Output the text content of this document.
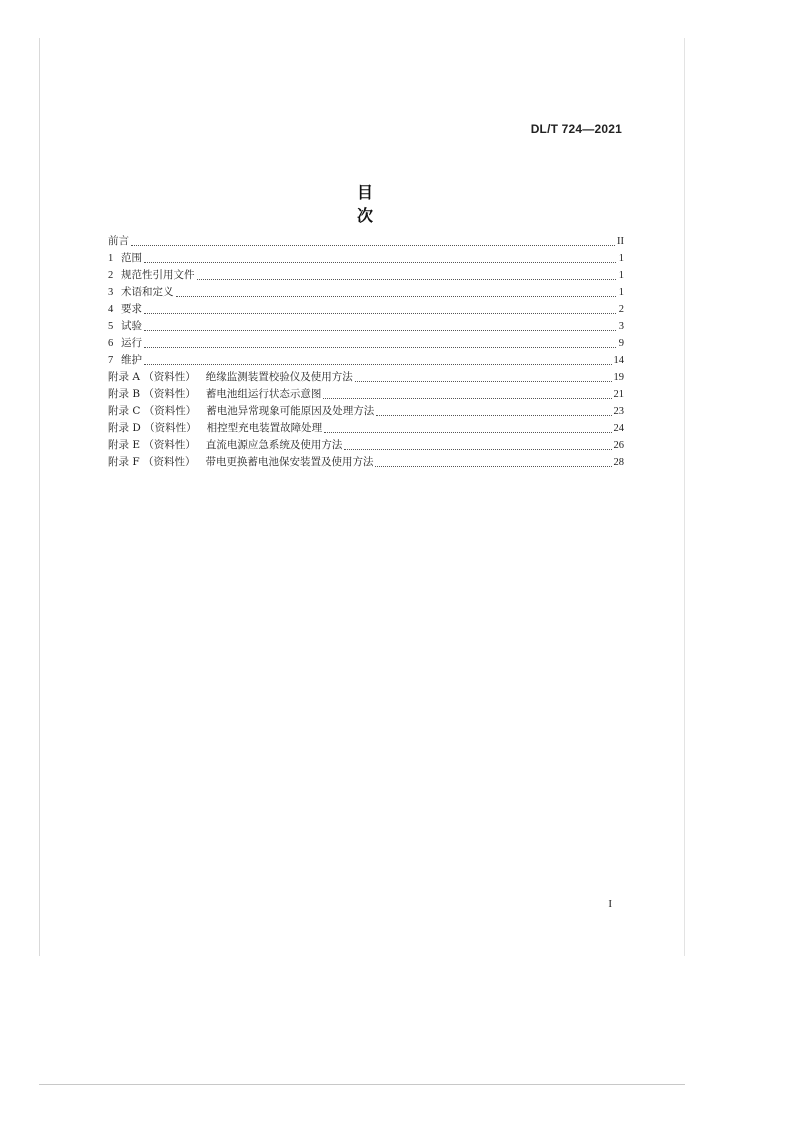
DL/T 724—2021
目 次
前言	II
1 范围	1
2 规范性引用文件	1
3 术语和定义	1
4 要求	2
5 试验	3
6 运行	9
7 维护	14
附录 A （资料性） 绝缘监测装置校验仪及使用方法	19
附录 B （资料性） 蓄电池组运行状态示意图	21
附录 C （资料性） 蓄电池异常现象可能原因及处理方法	23
附录 D （资料性） 相控型充电装置故障处理	24
附录 E （资料性） 直流电源应急系统及使用方法	26
附录 F （资料性） 带电更换蓄电池保安装置及使用方法	28
I
